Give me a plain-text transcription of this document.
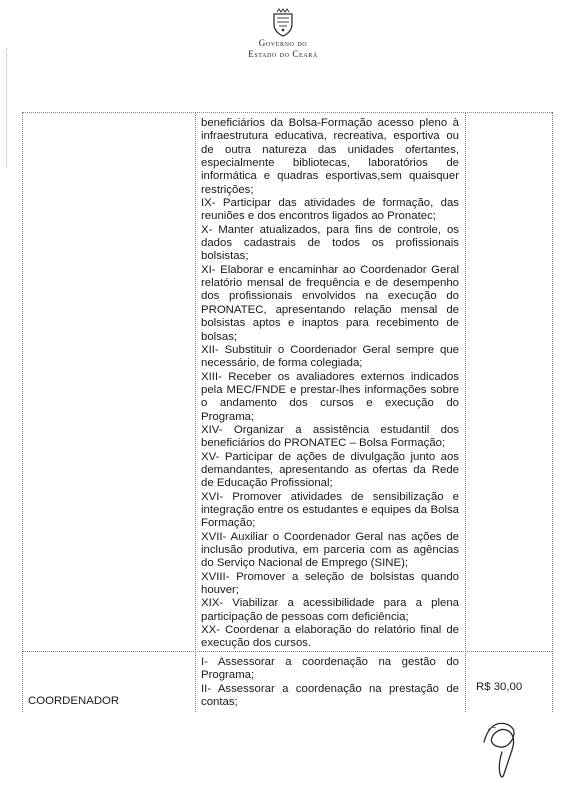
Governo do
Estado do Ceará

beneficiários da Bolsa-Formação acesso pleno à infraestrutura educativa, recreativa, esportiva ou de outra natureza das unidades ofertantes, especialmente bibliotecas, laboratórios de informática e quadras esportivas,sem quaisquer restrições;

IX- Participar das atividades de formação, das reuniões e dos encontros ligados ao Pronatec;

X- Manter atualizados, para fins de controle, os dados cadastrais de todos os profissionais bolsistas;

XI- Elaborar e encaminhar ao Coordenador Geral relatório mensal de frequência e de desempenho dos profissionais envolvidos na execução do PRONATEC, apresentando relação mensal de bolsistas aptos e inaptos para recebimento de bolsas;

XII- Substituir o Coordenador Geral sempre que necessário, de forma colegiada;

XIII- Receber os avaliadores externos indicados pela MEC/FNDE e prestar-lhes informações sobre o andamento dos cursos e execução do Programa;

XIV- Organizar a assistência estudantil dos beneficiários do PRONATEC – Bolsa Formação;

XV- Participar de ações de divulgação junto aos demandantes, apresentando as ofertas da Rede de Educação Profissional;

XVI- Promover atividades de sensibilização e integração entre os estudantes e equipes da Bolsa Formação;

XVII- Auxiliar o Coordenador Geral nas ações de inclusão produtiva, em parceria com as agências do Serviço Nacional de Emprego (SINE);

XVIII- Promover a seleção de bolsistas quando houver;

XIX- Viabilizar a acessibilidade para a plena participação de pessoas com deficiência;

XX- Coordenar a elaboração do relatório final de execução dos cursos.

COORDENADOR

I- Assessorar a coordenação na gestão do Programa;

II- Assessorar a coordenação na prestação de contas;

R$ 30,00
